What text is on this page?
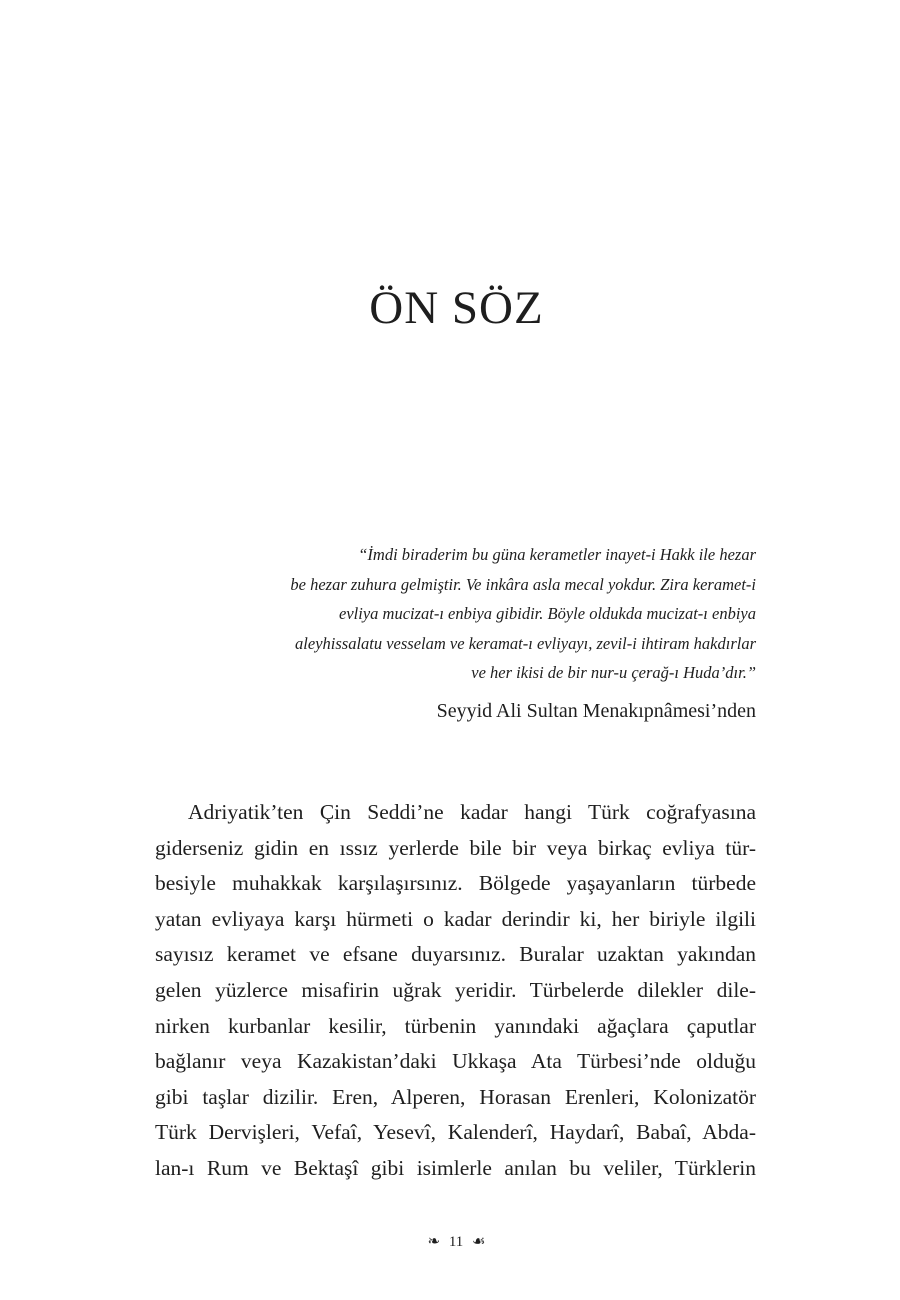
ÖN SÖZ
“İmdi biraderim bu güna kerametler inayet-i Hakk ile hezar
be hezar zuhura gelmiştir. Ve inkâra asla mecal yokdur. Zira keramet-i
evliya mucizat-ı enbiya gibidir. Böyle oldukda mucizat-ı enbiya
aleyhissalatu vesselam ve keramat-ı evliyayı, zevil-i ihtiram hakdırlar
ve her ikisi de bir nur-u çerağ-ı Huda’dır.”
Seyyid Ali Sultan Menakıpnâmesi’nden
Adriyatik’ten Çin Seddi’ne kadar hangi Türk coğrafyasına
giderseniz gidin en ıssız yerlerde bile bir veya birkaç evliya tür-
besiyle muhakkak karşılaşırsınız. Bölgede yaşayanların türbede
yatan evliyaya karşı hürmeti o kadar derindir ki, her biriyle ilgili
sayısız keramet ve efsane duyarsınız. Buralar uzaktan yakından
gelen yüzlerce misafirin uğrak yeridir. Türbelerde dilekler dile-
nirken kurbanlar kesilir, türbenin yanındaki ağaçlara çaputlar
bağlanır veya Kazakistan’daki Ukkaşa Ata Türbesi’nde olduğu
gibi taşlar dizilir. Eren, Alperen, Horasan Erenleri, Kolonizatör
Türk Dervişleri, Vefaî, Yesevî, Kalenderî, Haydarî, Babaî, Abda-
lan-ı Rum ve Bektaşî gibi isimlerle anılan bu veliler, Türklerin
❧ 11 ☙
